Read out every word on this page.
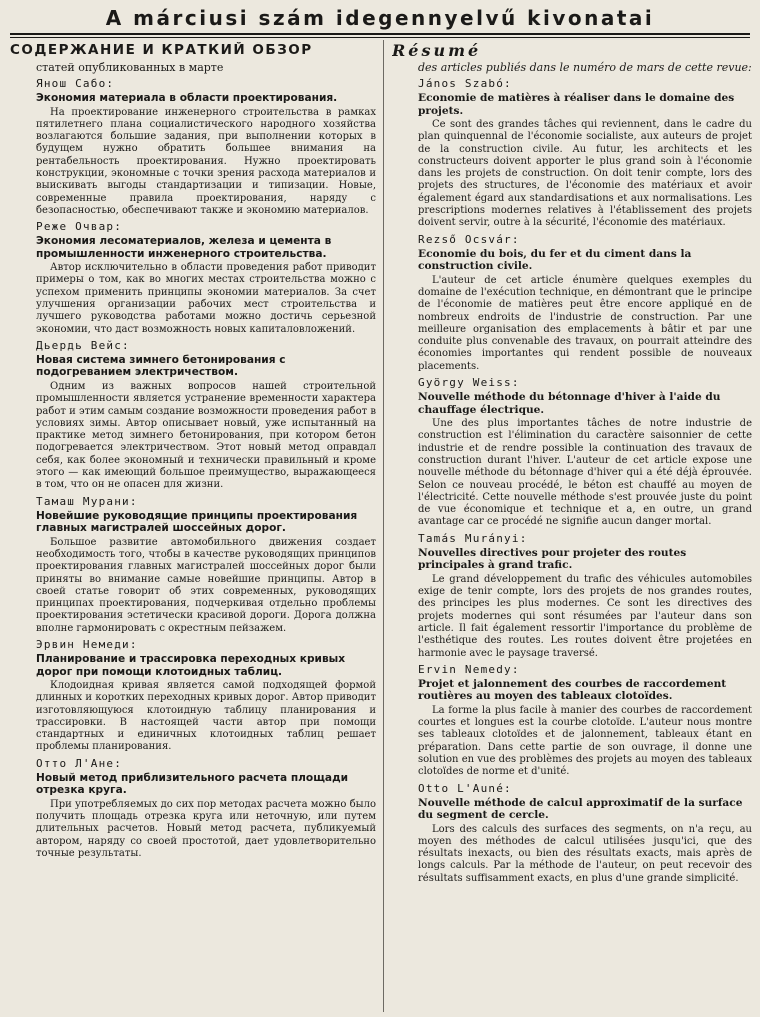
A márciusi szám idegennyelvű kivonatai
СОДЕРЖАНИЕ И КРАТКИЙ ОБЗОР
статей опубликованных в марте
Янош Сабо:
Экономия материала в области проектирования.
На проектирование инженерного строительства в рамках пятилетнего плана социалистического народного хозяйства возлагаются большие задания, при выполнении которых в будущем нужно обратить большее внимания на рентабельность проектирования. Нужно проектировать конструкции, экономные с точки зрения расхода материалов и выискивать выгоды стандартизации и типизации. Новые, современные правила проектирования, наряду с безопасностью, обеспечивают также и экономию материалов.
Реже Очвар:
Экономия лесоматериалов, железа и цемента в промышленности инженерного строительства.
Автор исключительно в области проведения работ приводит примеры о том, как во многих местах строительства можно с успехом применить принципы экономии материалов. За счет улучшения организации рабочих мест строительства и лучшего руководства работами можно достичь серьезной экономии, что даст возможность новых капиталовложений.
Дьердь Вейс:
Новая система зимнего бетонирования с подогреванием электричеством.
Одним из важных вопросов нашей строительной промышленности является устранение временности характера работ и этим самым создание возможности проведения работ в условиях зимы. Автор описывает новый, уже испытанный на практике метод зимнего бетонирования, при котором бетон подогревается электричеством. Этот новый метод оправдал себя, как более экономный и технически правильный и кроме этого — как имеющий большое преимущество, выражающееся в том, что он не опасен для жизни.
Тамаш Мурани:
Новейшие руководящие принципы проектирования главных магистралей шоссейных дорог.
Большое развитие автомобильного движения создает необходимость того, чтобы в качестве руководящих принципов проектирования главных магистралей шоссейных дорог были приняты во внимание самые новейшие принципы. Автор в своей статье говорит об этих современных, руководящих принципах проектирования, подчеркивая отдельно проблемы проектирования эстетически красивой дороги. Дорога должна вполне гармонировать с окрестным пейзажем.
Эрвин Немеди:
Планирование и трассировка переходных кривых дорог при помощи клотоидных таблиц.
Клодоидная кривая является самой подходящей формой длинных и коротких переходных кривых дорог. Автор приводит изготовляющуюся клотоидную таблицу планирования и трассировки. В настоящей части автор при помощи стандартных и единичных клотоидных таблиц решает проблемы планирования.
Отто Л'Ане:
Новый метод приблизительного расчета площади отрезка круга.
При употребляемых до сих пор методах расчета можно было получить площадь отрезка круга или неточную, или путем длительных расчетов. Новый метод расчета, публикуемый автором, наряду со своей простотой, дает удовлетворительно точные результаты.
Résumé
des articles publiés dans le numéro de mars de cette revue:
János Szabó:
Economie de matières à réaliser dans le domaine des projets.
Ce sont des grandes tâches qui reviennent, dans le cadre du plan quinquennal de l'économie socialiste, aux auteurs de projet de la construction civile. Au futur, les architects et les constructeurs doivent apporter le plus grand soin à l'économie dans les projets de construction. On doit tenir compte, lors des projets des structures, de l'économie des matériaux et avoir également égard aux standardisations et aux normalisations. Les prescriptions modernes relatives à l'établissement des projets doivent servir, outre à la sécurité, l'économie des matériaux.
Rezső Ocsvár:
Economie du bois, du fer et du ciment dans la construction civile.
L'auteur de cet article énumère quelques exemples du domaine de l'exécution technique, en démontrant que le principe de l'économie de matières peut être encore appliqué en de nombreux endroits de l'industrie de construction. Par une meilleure organisation des emplacements à bâtir et par une conduite plus convenable des travaux, on pourrait atteindre des économies importantes qui rendent possible de nouveaux placements.
György Weiss:
Nouvelle méthode du bétonnage d'hiver à l'aide du chauffage électrique.
Une des plus importantes tâches de notre industrie de construction est l'élimination du caractère saisonnier de cette industrie et de rendre possible la continuation des travaux de construction durant l'hiver. L'auteur de cet article expose une nouvelle méthode du bétonnage d'hiver qui a été déjà éprouvée. Selon ce nouveau procédé, le béton est chauffé au moyen de l'électricité. Cette nouvelle méthode s'est prouvée juste du point de vue économique et technique et a, en outre, un grand avantage car ce procédé ne signifie aucun danger mortal.
Tamás Murányi:
Nouvelles directives pour projeter des routes principales à grand trafic.
Le grand développement du trafic des véhicules automobiles exige de tenir compte, lors des projets de nos grandes routes, des principes les plus modernes. Ce sont les directives des projets modernes qui sont résumées par l'auteur dans son article. Il fait également ressortir l'importance du problème de l'esthétique des routes. Les routes doivent être projetées en harmonie avec le paysage traversé.
Ervin Nemedy:
Projet et jalonnement des courbes de raccordement routières au moyen des tableaux clotoïdes.
La forme la plus facile à manier des courbes de raccordement courtes et longues est la courbe clotoïde. L'auteur nous montre ses tableaux clotoïdes et de jalonnement, tableaux étant en préparation. Dans cette partie de son ouvrage, il donne une solution en vue des problèmes des projets au moyen des tableaux clotoïdes de norme et d'unité.
Otto L'Auné:
Nouvelle méthode de calcul approximatif de la surface du segment de cercle.
Lors des calculs des surfaces des segments, on n'a reçu, au moyen des méthodes de calcul utilisées jusqu'ici, que des résultats inexacts, ou bien des résultats exacts, mais après de longs calculs. Par la méthode de l'auteur, on peut recevoir des résultats suffisamment exacts, en plus d'une grande simplicité.
